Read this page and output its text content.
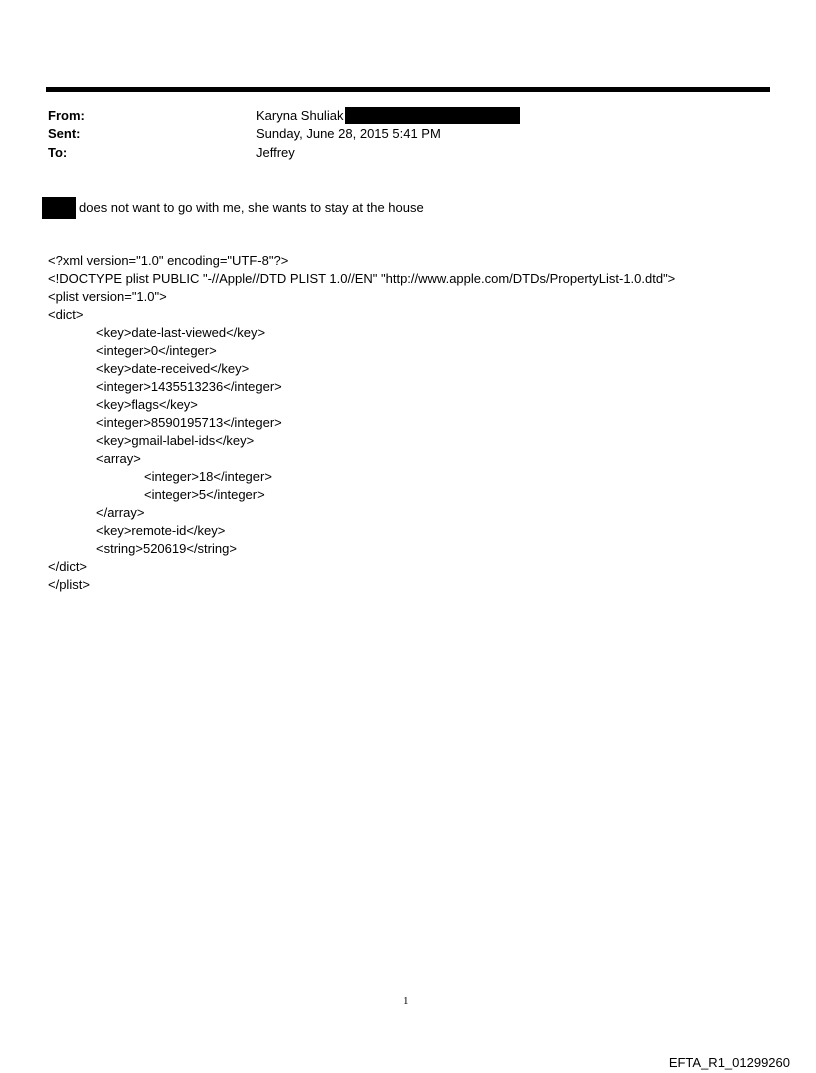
From:	Karyna Shuliak
Sent:	Sunday, June 28, 2015 5:41 PM
To:	Jeffrey
does not want to go with me, she wants to stay at the house
<?xml version="1.0" encoding="UTF-8"?>
<!DOCTYPE plist PUBLIC "-//Apple//DTD PLIST 1.0//EN" "http://www.apple.com/DTDs/PropertyList-1.0.dtd">
<plist version="1.0">
<dict>
<key>date-last-viewed</key>
<integer>0</integer>
<key>date-received</key>
<integer>1435513236</integer>
<key>flags</key>
<integer>8590195713</integer>
<key>gmail-label-ids</key>
<array>
<integer>18</integer>
<integer>5</integer>
</array>
<key>remote-id</key>
<string>520619</string>
</dict>
</plist>
1
EFTA_R1_01299260
